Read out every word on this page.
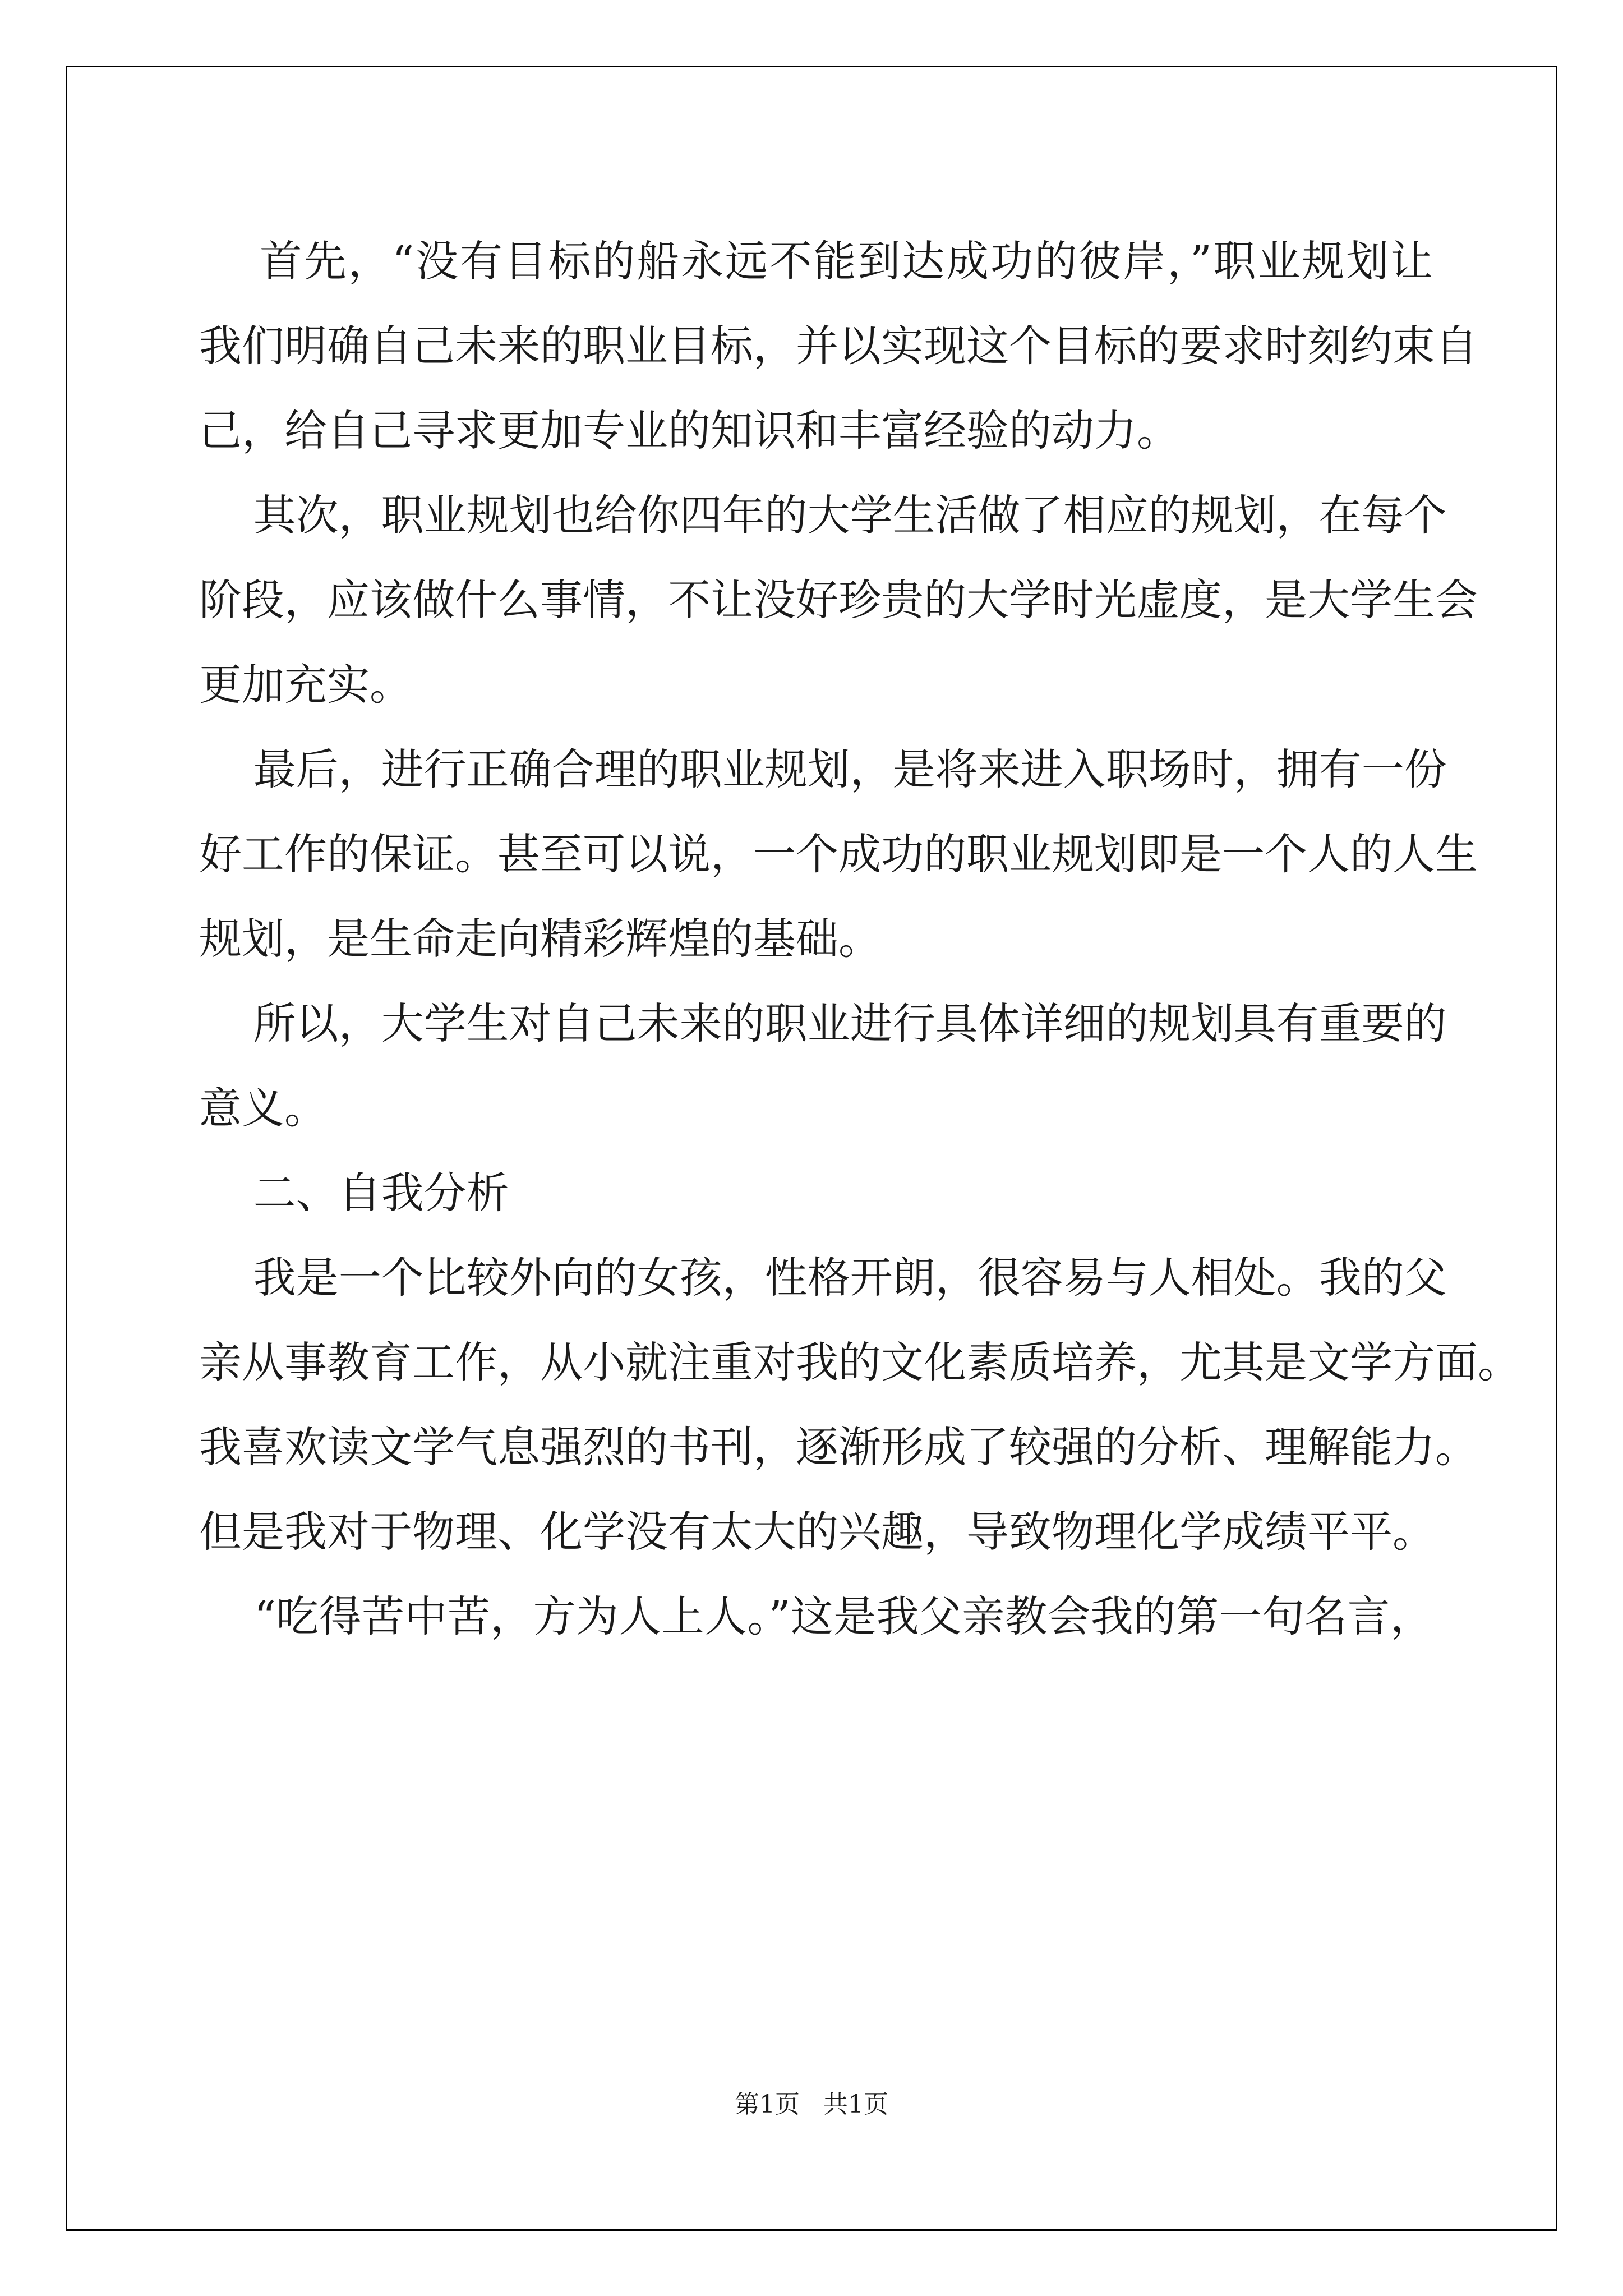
首先，“没有目标的船永远不能到达成功的彼岸，”职业规划让
我们明确自己未来的职业目标，并以实现这个目标的要求时刻约束自
己，给自己寻求更加专业的知识和丰富经验的动力。
其次，职业规划也给你四年的大学生活做了相应的规划，在每个
阶段，应该做什么事情，不让没好珍贵的大学时光虚度，是大学生会
更加充实。
最后，进行正确合理的职业规划，是将来进入职场时，拥有一份
好工作的保证。甚至可以说，一个成功的职业规划即是一个人的人生
规划，是生命走向精彩辉煌的基础。
所以，大学生对自己未来的职业进行具体详细的规划具有重要的
意义。
二、自我分析
我是一个比较外向的女孩，性格开朗，很容易与人相处。我的父
亲从事教育工作，从小就注重对我的文化素质培养，尤其是文学方面。
我喜欢读文学气息强烈的书刊，逐渐形成了较强的分析、理解能力。
但是我对于物理、化学没有太大的兴趣，导致物理化学成绩平平。
“吃得苦中苦，方为人上人。”这是我父亲教会我的第一句名言，
第1页   共1页
